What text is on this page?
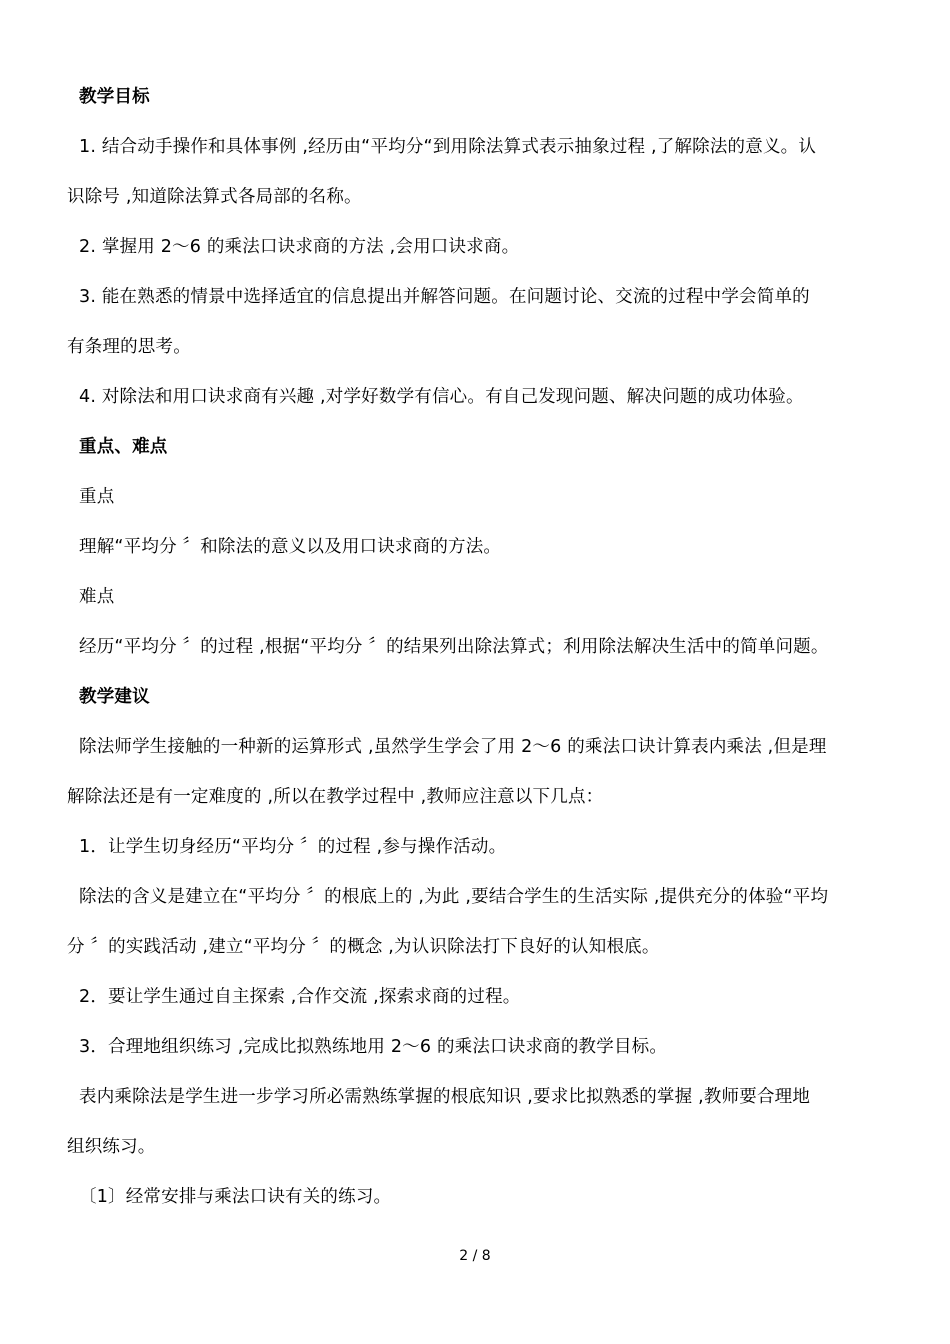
教学目标
1. 结合动手操作和具体事例 ,经历由“平均分“到用除法算式表示抽象过程 ,了解除法的意义。认
识除号 ,知道除法算式各局部的名称。
2. 掌握用 2～6 的乘法口诀求商的方法 ,会用口诀求商。
3. 能在熟悉的情景中选择适宜的信息提出并解答问题。在问题讨论、交流的过程中学会简单的
有条理的思考。
4. 对除法和用口诀求商有兴趣 ,对学好数学有信心。有自己发现问题、解决问题的成功体验。
重点、难点
重点
理解“平均分 〞和除法的意义以及用口诀求商的方法。
难点
经历“平均分 〞的过程 ,根据“平均分 〞的结果列出除法算式；利用除法解决生活中的简单问题。
教学建议
除法师学生接触的一种新的运算形式 ,虽然学生学会了用 2～6 的乘法口诀计算表内乘法 ,但是理
解除法还是有一定难度的 ,所以在教学过程中 ,教师应注意以下几点：
1．让学生切身经历“平均分 〞的过程 ,参与操作活动。
除法的含义是建立在“平均分 〞的根底上的 ,为此 ,要结合学生的生活实际 ,提供充分的体验“平均
分 〞的实践活动 ,建立“平均分 〞的概念 ,为认识除法打下良好的认知根底。
2．要让学生通过自主探索 ,合作交流 ,探索求商的过程。
3．合理地组织练习 ,完成比拟熟练地用 2～6 的乘法口诀求商的教学目标。
表内乘除法是学生进一步学习所必需熟练掌握的根底知识 ,要求比拟熟悉的掌握 ,教师要合理地
组织练习。
〔1〕经常安排与乘法口诀有关的练习。
2 / 8
